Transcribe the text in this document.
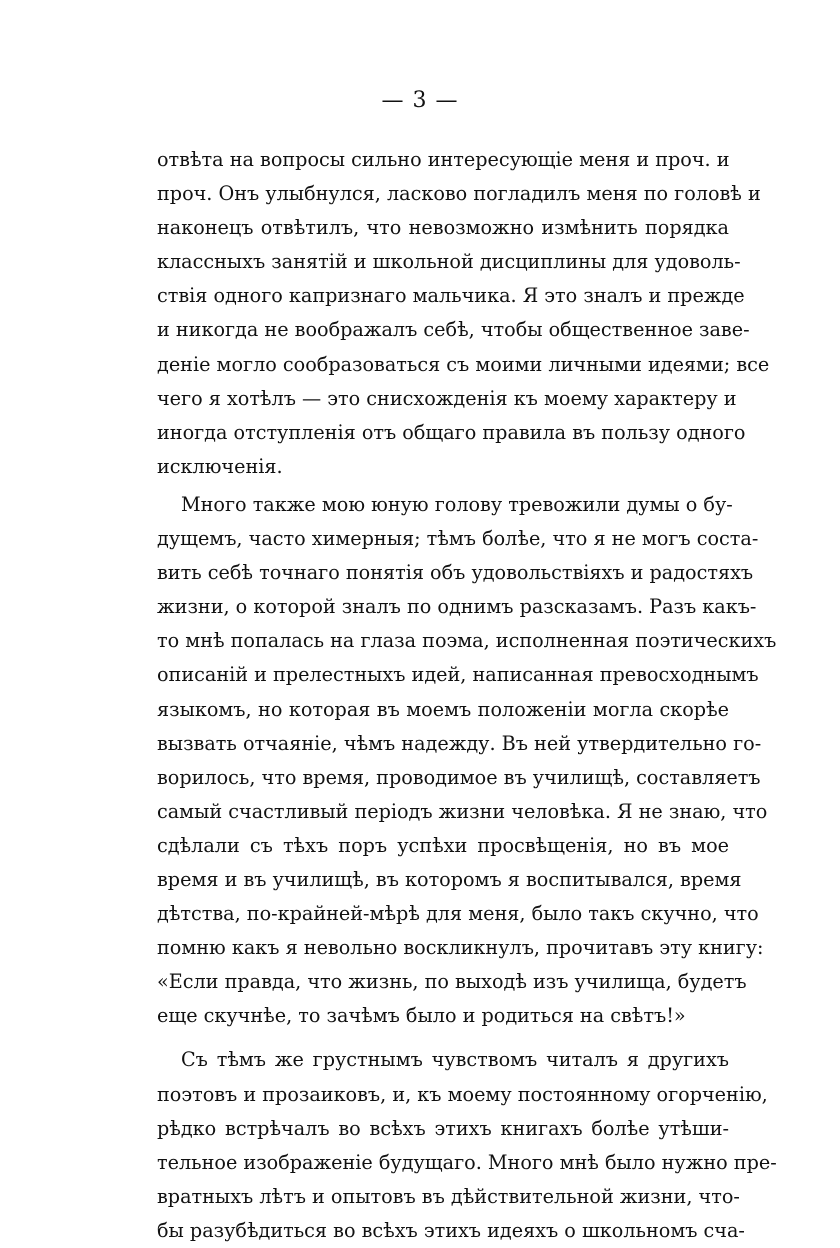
— 3 —
отвѣта на вопросы сильно интересующіе меня и проч. и
проч. Онъ улыбнулся, ласково погладилъ меня по головѣ и
наконецъ отвѣтилъ, что невозможно измѣнить порядка
классныхъ занятій и школьной дисциплины для удоволь-
ствія одного капризнаго мальчика. Я это зналъ и прежде
и никогда не воображалъ себѣ, чтобы общественное заве-
деніе могло сообразоваться съ моими личными идеями; все
чего я хотѣлъ — это снисхожденія къ моему характеру и
иногда отступленія отъ общаго правила въ пользу одного
исключенія.
Много также мою юную голову тревожили думы о бу-
дущемъ, часто химерныя; тѣмъ болѣе, что я не могъ соста-
вить себѣ точнаго понятія объ удовольствіяхъ и радостяхъ
жизни, о которой зналъ по однимъ разсказамъ. Разъ какъ-
то мнѣ попалась на глаза поэма, исполненная поэтическихъ
описаній и прелестныхъ идей, написанная превосходнымъ
языкомъ, но которая въ моемъ положеніи могла скорѣе
вызвать отчаяніе, чѣмъ надежду. Въ ней утвердительно го-
ворилось, что время, проводимое въ училищѣ, составляетъ
самый счастливый періодъ жизни человѣка. Я не знаю, что
сдѣлали съ тѣхъ поръ успѣхи просвѣщенія, но въ мое
время и въ училищѣ, въ которомъ я воспитывался, время
дѣтства, по-крайней-мѣрѣ для меня, было такъ скучно, что
помню какъ я невольно воскликнулъ, прочитавъ эту книгу:
«Если правда, что жизнь, по выходѣ изъ училища, будетъ
еще скучнѣе, то зачѣмъ было и родиться на свѣтъ!»
Съ тѣмъ же грустнымъ чувствомъ читалъ я другихъ
поэтовъ и прозаиковъ, и, къ моему постоянному огорченію,
рѣдко встрѣчалъ во всѣхъ этихъ книгахъ болѣе утѣши-
тельное изображеніе будущаго. Много мнѣ было нужно пре-
вратныхъ лѣтъ и опытовъ въ дѣйствительной жизни, что-
бы разубѣдиться во всѣхъ этихъ идеяхъ о школьномъ сча-
